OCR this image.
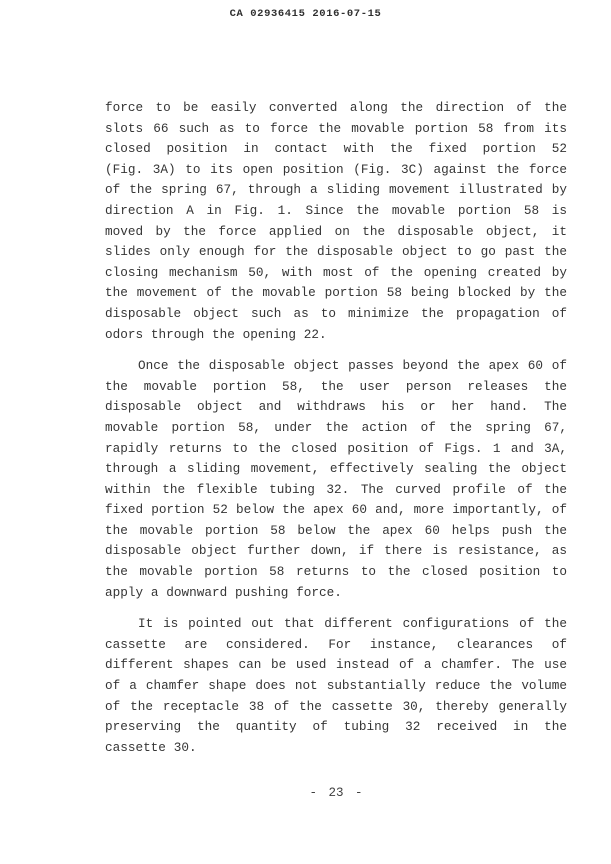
CA 02936415 2016-07-15
force to be easily converted along the direction of the
slots 66 such as to force the movable portion 58 from its
closed position in contact with the fixed portion 52
(Fig. 3A) to its open position (Fig. 3C) against the force
of the spring 67, through a sliding movement illustrated by
direction A in Fig. 1. Since the movable portion 58 is
moved by the force applied on the disposable object, it
slides only enough for the disposable object to go past the
closing mechanism 50, with most of the opening created by
the movement of the movable portion 58 being blocked by the
disposable object such as to minimize the propagation of
odors through the opening 22.
Once the disposable object passes beyond the apex 60 of
the movable portion 58, the user person releases the
disposable object and withdraws his or her hand. The
movable portion 58, under the action of the spring 67,
rapidly returns to the closed position of Figs. 1 and 3A,
through a sliding movement, effectively sealing the object
within the flexible tubing 32. The curved profile of the
fixed portion 52 below the apex 60 and, more importantly, of
the movable portion 58 below the apex 60 helps push the
disposable object further down, if there is resistance, as
the movable portion 58 returns to the closed position to
apply a downward pushing force.
It is pointed out that different configurations of the
cassette are considered. For instance, clearances of
different shapes can be used instead of a chamfer. The use
of a chamfer shape does not substantially reduce the volume
of the receptacle 38 of the cassette 30, thereby generally
preserving the quantity of tubing 32 received in the
cassette 30.
- 23 -
